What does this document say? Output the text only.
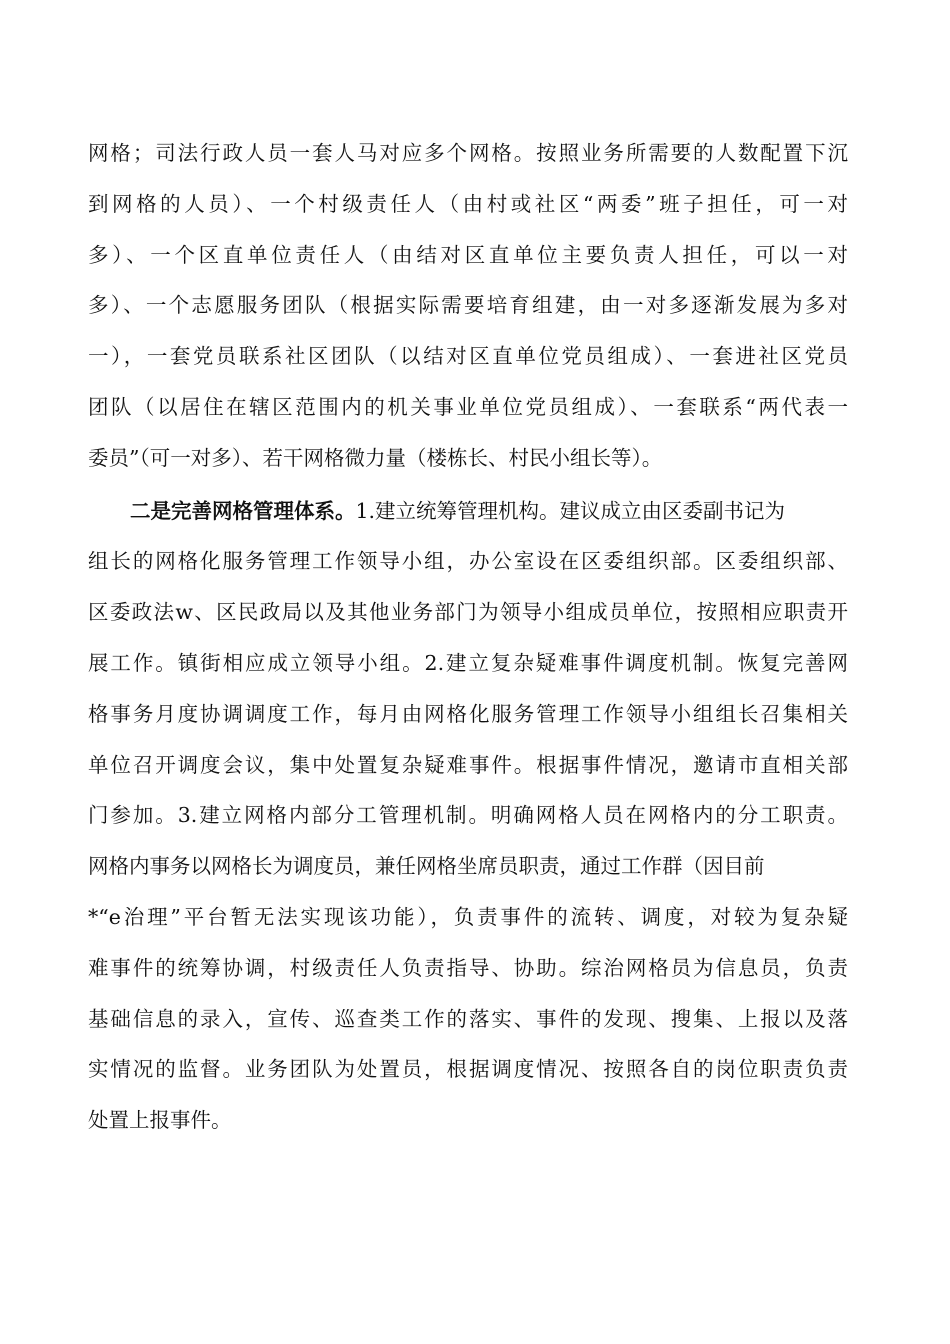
网格；司法行政人员一套人马对应多个网格。按照业务所需要的人数配置下沉
到网格的人员）、一个村级责任人（由村或社区“两委”班子担任，可一对
多）、一个区直单位责任人（由结对区直单位主要负责人担任，可以一对
多）、一个志愿服务团队（根据实际需要培育组建，由一对多逐渐发展为多对
一），一套党员联系社区团队（以结对区直单位党员组成）、一套进社区党员
团队（以居住在辖区范围内的机关事业单位党员组成）、一套联系“两代表一
委员”（可一对多）、若干网格微力量（楼栋长、村民小组长等）。
二是完善网格管理体系。1.建立统筹管理机构。建议成立由区委副书记为
组长的网格化服务管理工作领导小组，办公室设在区委组织部。区委组织部、
区委政法w、区民政局以及其他业务部门为领导小组成员单位，按照相应职责开
展工作。镇街相应成立领导小组。2.建立复杂疑难事件调度机制。恢复完善网
格事务月度协调调度工作，每月由网格化服务管理工作领导小组组长召集相关
单位召开调度会议，集中处置复杂疑难事件。根据事件情况，邀请市直相关部
门参加。3.建立网格内部分工管理机制。明确网格人员在网格内的分工职责。
网格内事务以网格长为调度员，兼任网格坐席员职责，通过工作群（因目前
*“e治理”平台暂无法实现该功能），负责事件的流转、调度，对较为复杂疑
难事件的统筹协调，村级责任人负责指导、协助。综治网格员为信息员，负责
基础信息的录入，宣传、巡查类工作的落实、事件的发现、搜集、上报以及落
实情况的监督。业务团队为处置员，根据调度情况、按照各自的岗位职责负责
处置上报事件。
